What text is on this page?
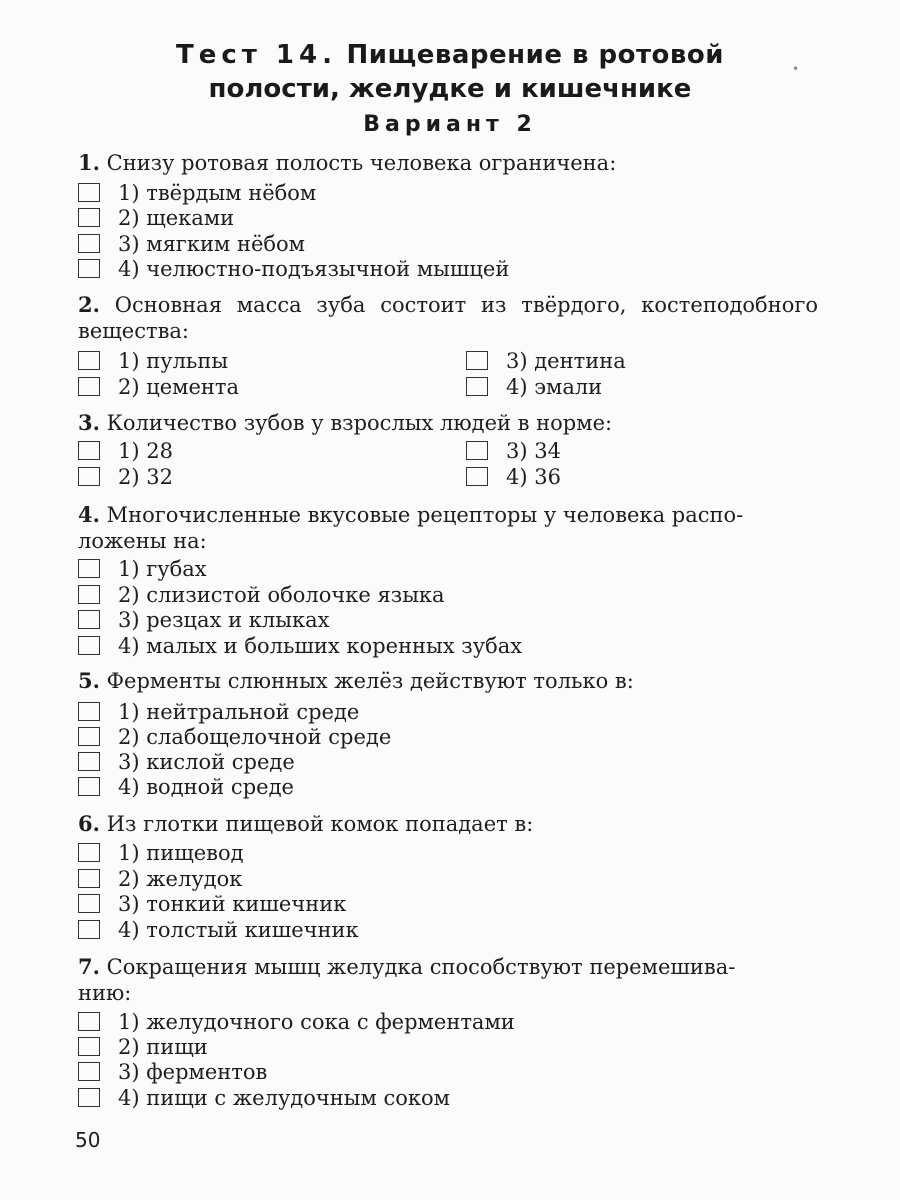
Тест 14. Пищеварение в ротовой
полости, желудке и кишечнике
Вариант 2
•
1. Снизу ротовая полость человека ограничена:
1) твёрдым нёбом
2) щеками
3) мягким нёбом
4) челюстно-подъязычной мышцей
2. Основная масса зуба состоит из твёрдого, костеподобного вещества:
1) пульпы
2) цемента
3) дентина
4) эмали
3. Количество зубов у взрослых людей в норме:
1) 28
2) 32
3) 34
4) 36
4. Многочисленные вкусовые рецепторы у человека распо-
ложены на:
1) губах
2) слизистой оболочке языка
3) резцах и клыках
4) малых и больших коренных зубах
5. Ферменты слюнных желёз действуют только в:
1) нейтральной среде
2) слабощелочной среде
3) кислой среде
4) водной среде
6. Из глотки пищевой комок попадает в:
1) пищевод
2) желудок
3) тонкий кишечник
4) толстый кишечник
7. Сокращения мышц желудка способствуют перемешива-
нию:
1) желудочного сока с ферментами
2) пищи
3) ферментов
4) пищи с желудочным соком
50
